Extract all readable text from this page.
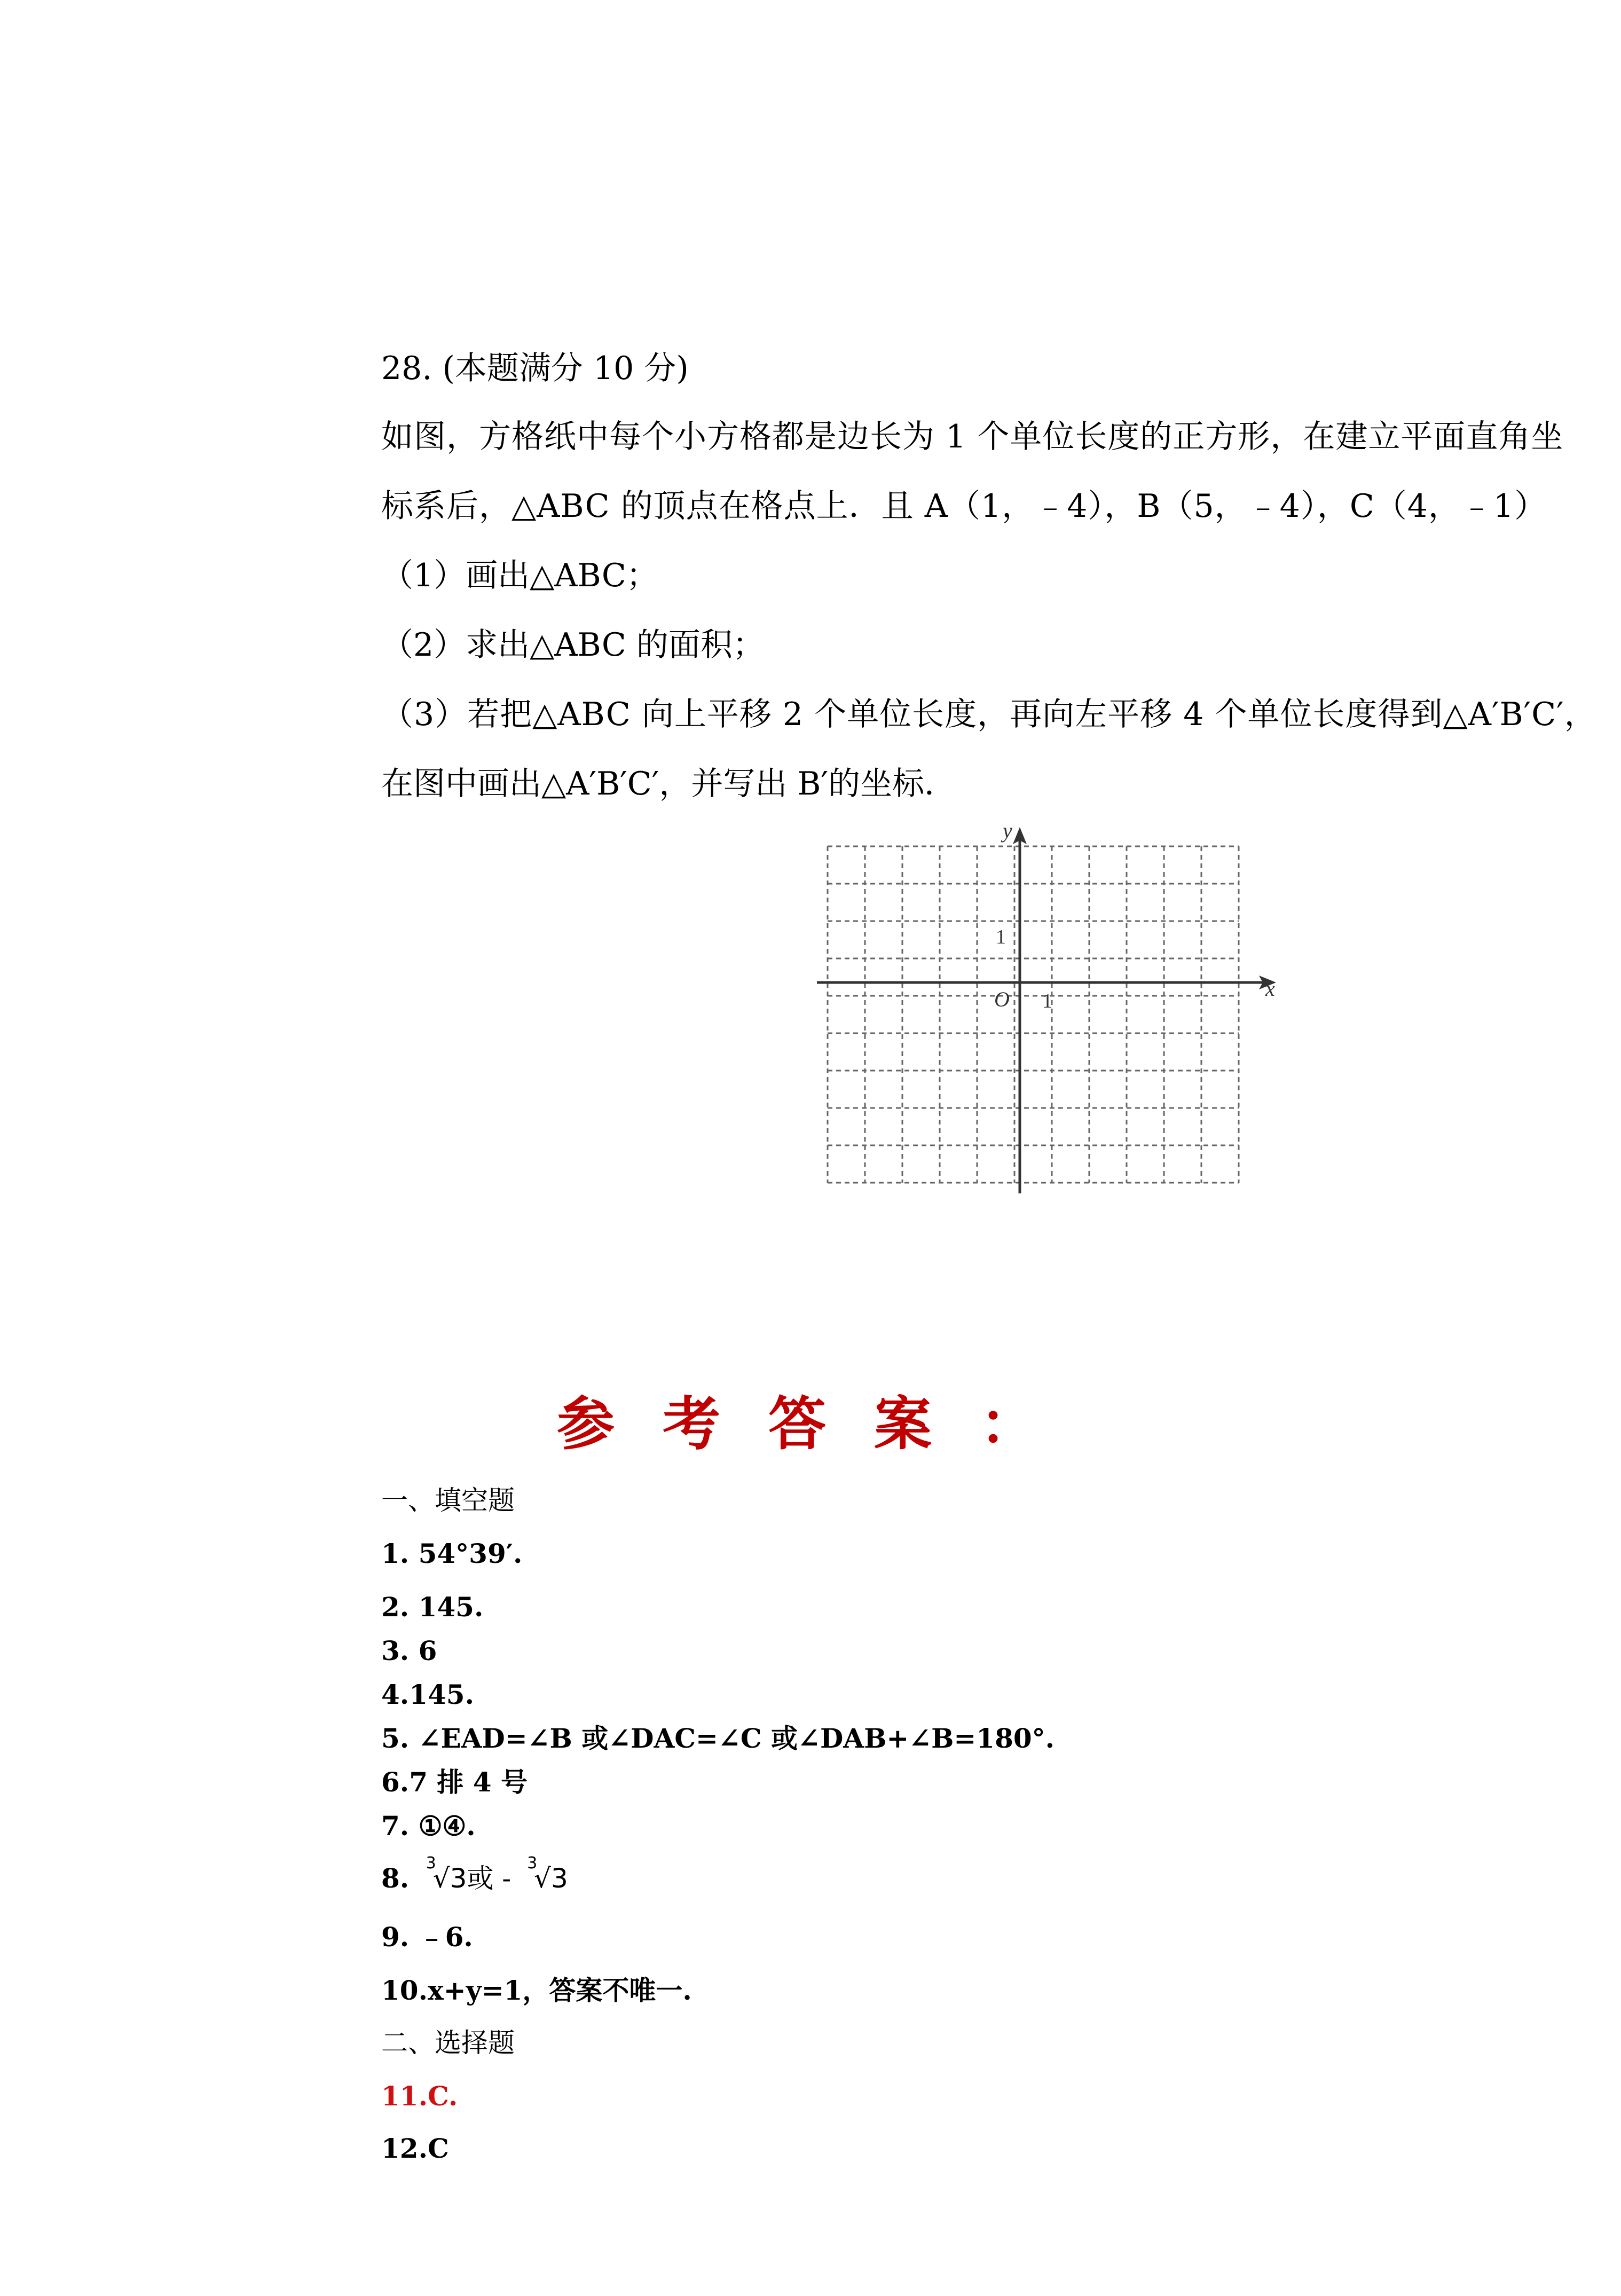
28. (本题满分 10 分)
如图，方格纸中每个小方格都是边长为 1 个单位长度的正方形，在建立平面直角坐
标系后，△ABC 的顶点在格点上．且 A（1，﹣4），B（5，﹣4），C（4，﹣1）
（1）画出△ABC；
（2）求出△ABC 的面积；
（3）若把△ABC 向上平移 2 个单位长度，再向左平移 4 个单位长度得到△A′B′C′，
在图中画出△A′B′C′，并写出 B′的坐标．
x
y
O 1
1
参考答案：
一、填空题
1. 54°39′.
2. 145.
3. 6
4.145.
5. ∠EAD=∠B 或∠DAC=∠C 或∠DAB+∠B=180°.
6.7 排 4 号
7. ①④.
8. $^3$√3或 - $^3$√3
9. ﹣6.
10.x+y=1，答案不唯一.
二、选择题
11.C.
12.C
